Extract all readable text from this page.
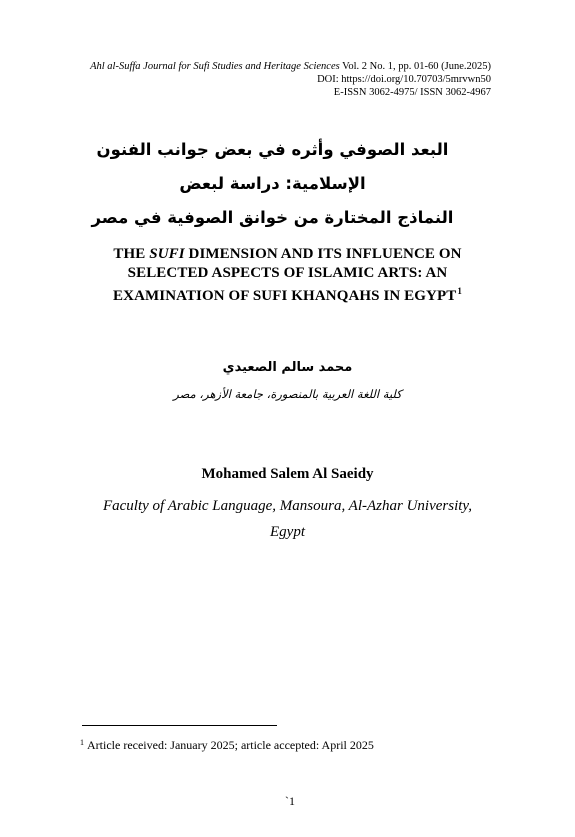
Ahl al-Suffa Journal for Sufi Studies and Heritage Sciences Vol. 2 No. 1, pp. 01-60 (June.2025)
DOI: https://doi.org/10.70703/5mrvwn50
E-ISSN 3062-4975/ ISSN 3062-4967
البعد الصوفي وأثره في بعض جوانب الفنون الإسلامية: دراسة لبعض
النماذج المختارة من خوانق الصوفية في مصر
THE SUFI DIMENSION AND ITS INFLUENCE ON
SELECTED ASPECTS OF ISLAMIC ARTS: AN
EXAMINATION OF SUFI KHANQAHS IN EGYPT$^1$
محمد سالم الصعيدي
كلية اللغة العربية بالمنصورة، جامعة الأزهر، مصر
Mohamed Salem Al Saeidy
Faculty of Arabic Language, Mansoura, Al-Azhar University,
Egypt
$^1$ Article received: January 2025; article accepted: April 2025
`1
